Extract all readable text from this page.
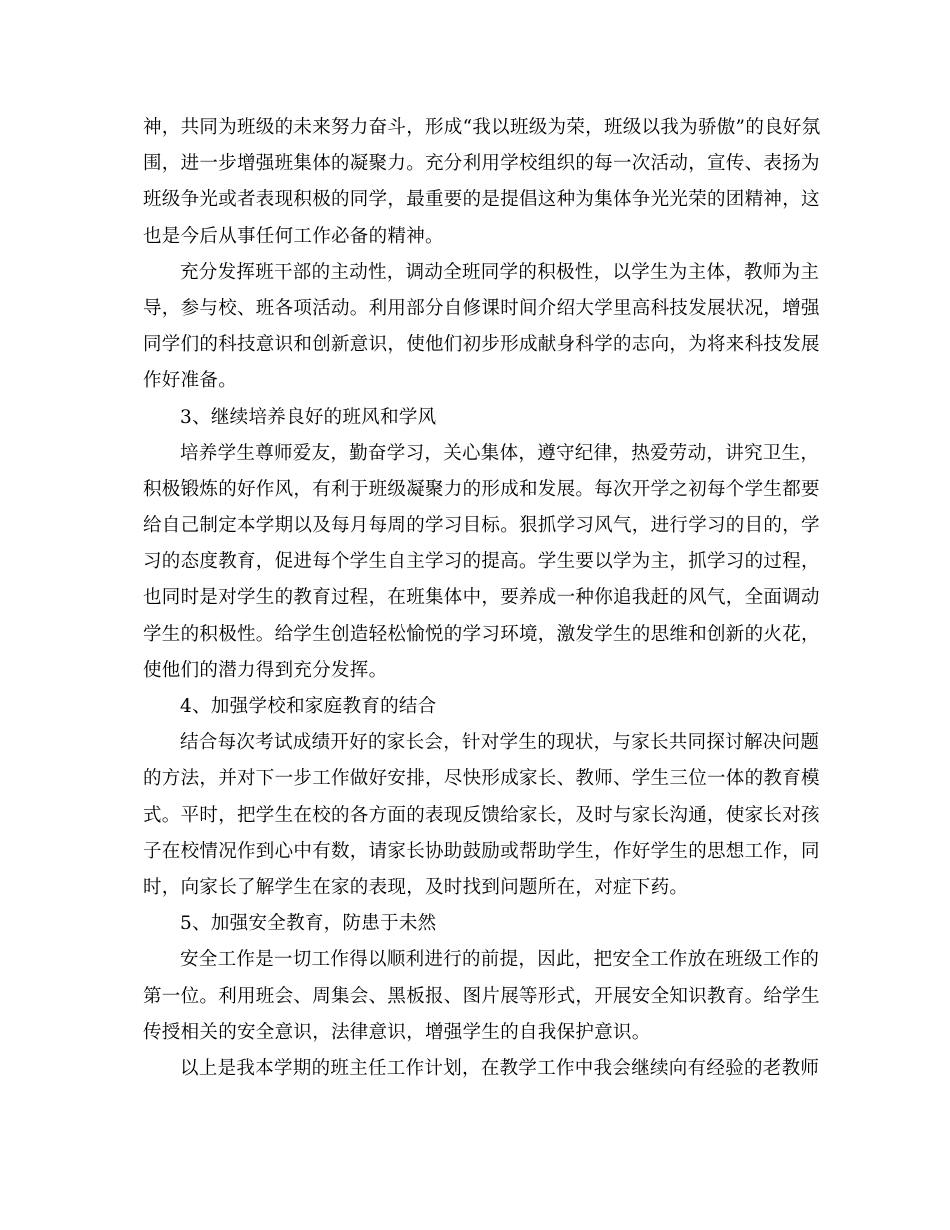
神，共同为班级的未来努力奋斗，形成“我以班级为荣，班级以我为骄傲”的良好氛
围，进一步增强班集体的凝聚力。充分利用学校组织的每一次活动，宣传、表扬为
班级争光或者表现积极的同学，最重要的是提倡这种为集体争光光荣的团精神，这
也是今后从事任何工作必备的精神。
充分发挥班干部的主动性，调动全班同学的积极性，以学生为主体，教师为主
导，参与校、班各项活动。利用部分自修课时间介绍大学里高科技发展状况，增强
同学们的科技意识和创新意识，使他们初步形成献身科学的志向，为将来科技发展
作好准备。
3、继续培养良好的班风和学风
培养学生尊师爱友，勤奋学习，关心集体，遵守纪律，热爱劳动，讲究卫生，
积极锻炼的好作风，有利于班级凝聚力的形成和发展。每次开学之初每个学生都要
给自己制定本学期以及每月每周的学习目标。狠抓学习风气，进行学习的目的，学
习的态度教育，促进每个学生自主学习的提高。学生要以学为主，抓学习的过程，
也同时是对学生的教育过程，在班集体中，要养成一种你追我赶的风气，全面调动
学生的积极性。给学生创造轻松愉悦的学习环境，激发学生的思维和创新的火花，
使他们的潜力得到充分发挥。
4、加强学校和家庭教育的结合
结合每次考试成绩开好的家长会，针对学生的现状，与家长共同探讨解决问题
的方法，并对下一步工作做好安排，尽快形成家长、教师、学生三位一体的教育模
式。平时，把学生在校的各方面的表现反馈给家长，及时与家长沟通，使家长对孩
子在校情况作到心中有数，请家长协助鼓励或帮助学生，作好学生的思想工作，同
时，向家长了解学生在家的表现，及时找到问题所在，对症下药。
5、加强安全教育，防患于未然
安全工作是一切工作得以顺利进行的前提，因此，把安全工作放在班级工作的
第一位。利用班会、周集会、黑板报、图片展等形式，开展安全知识教育。给学生
传授相关的安全意识，法律意识，增强学生的自我保护意识。
以上是我本学期的班主任工作计划，在教学工作中我会继续向有经验的老教师
